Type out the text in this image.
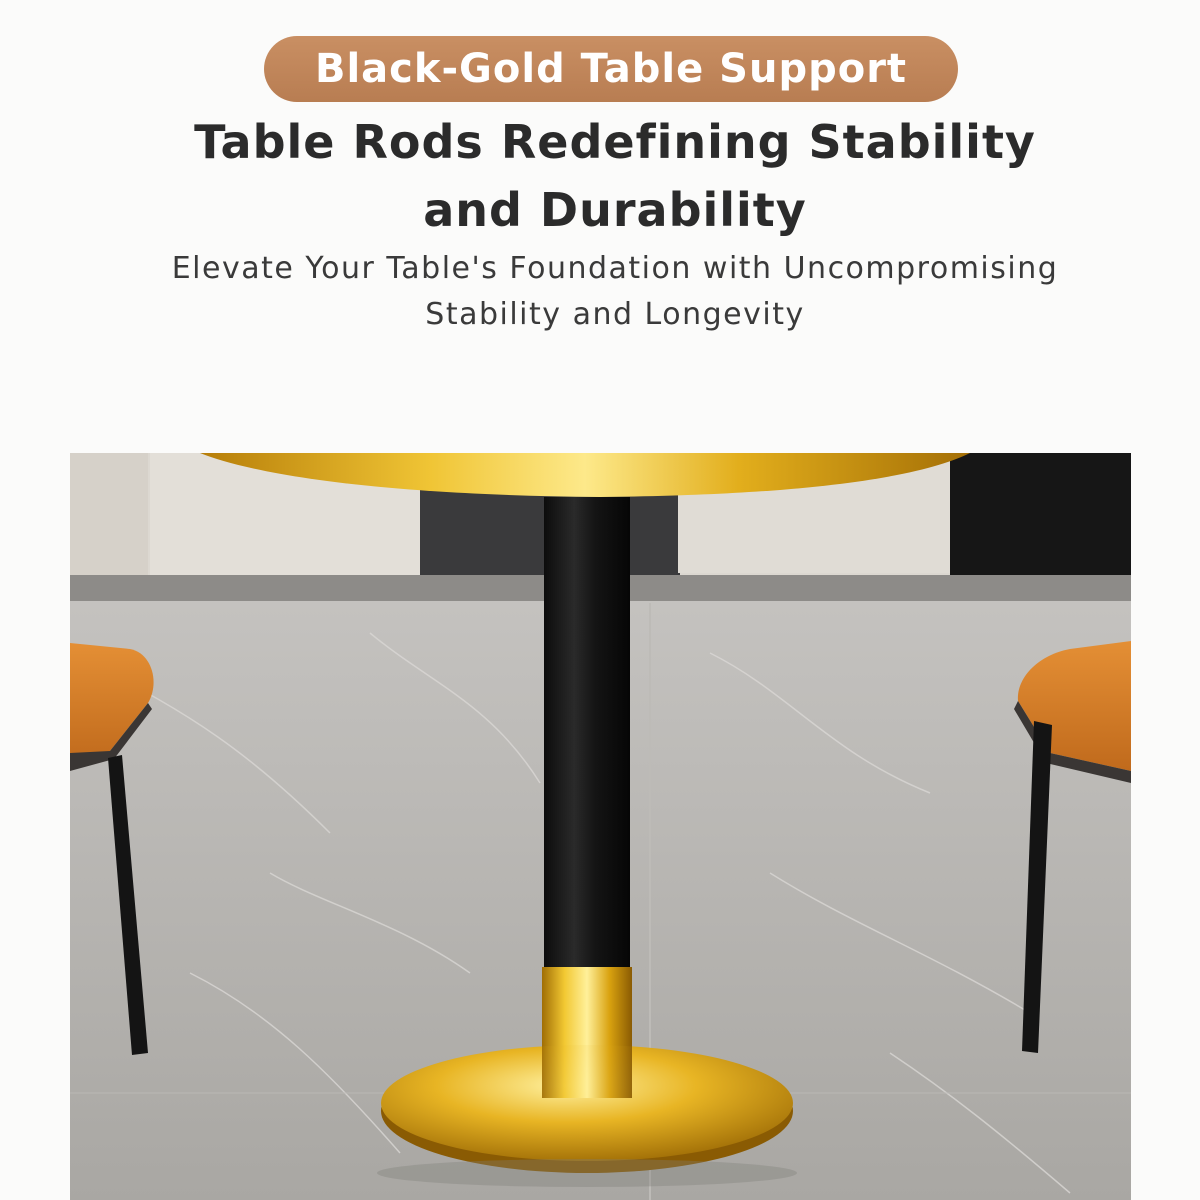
Black-Gold Table Support
Table Rods Redefining Stability
and Durability

Elevate Your Table's Foundation with Uncompromising
Stability and Longevity
